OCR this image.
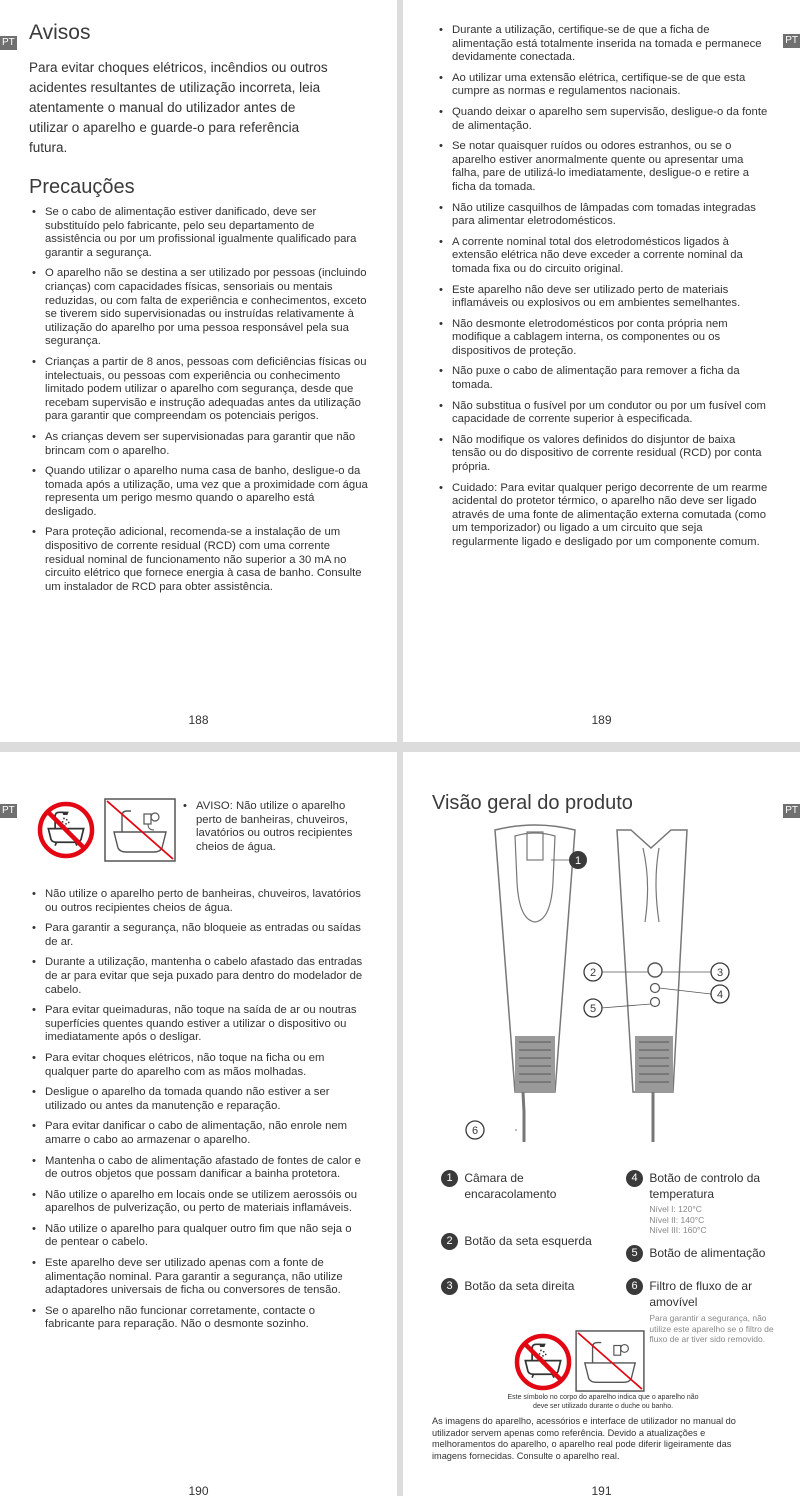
PT Avisos

Para evitar choques elétricos, incêndios ou outros acidentes resultantes de utilização incorreta, leia atentamente o manual do utilizador antes de utilizar o aparelho e guarde-o para referência futura.

Precauções
• Se o cabo de alimentação estiver danificado, deve ser substituído pelo fabricante, pelo seu departamento de assistência ou por um profissional igualmente qualificado para garantir a segurança.
• O aparelho não se destina a ser utilizado por pessoas (incluindo crianças) com capacidades físicas, sensoriais ou mentais reduzidas, ou com falta de experiência e conhecimentos, exceto se tiverem sido supervisionadas ou instruídas relativamente à utilização do aparelho por uma pessoa responsável pela sua segurança.
• Crianças a partir de 8 anos, pessoas com deficiências físicas ou intelectuais, ou pessoas com experiência ou conhecimento limitado podem utilizar o aparelho com segurança, desde que recebam supervisão e instrução adequadas antes da utilização para garantir que compreendam os potenciais perigos.
• As crianças devem ser supervisionadas para garantir que não brincam com o aparelho.
• Quando utilizar o aparelho numa casa de banho, desligue-o da tomada após a utilização, uma vez que a proximidade com água representa um perigo mesmo quando o aparelho está desligado.
• Para proteção adicional, recomenda-se a instalação de um dispositivo de corrente residual (RCD) com uma corrente residual nominal de funcionamento não superior a 30 mA no circuito elétrico que fornece energia à casa de banho. Consulte um instalador de RCD para obter assistência.
188
PT
• Durante a utilização, certifique-se de que a ficha de alimentação está totalmente inserida na tomada e permanece devidamente conectada.
• Ao utilizar uma extensão elétrica, certifique-se de que esta cumpre as normas e regulamentos nacionais.
• Quando deixar o aparelho sem supervisão, desligue-o da fonte de alimentação.
• Se notar quaisquer ruídos ou odores estranhos, ou se o aparelho estiver anormalmente quente ou apresentar uma falha, pare de utilizá-lo imediatamente, desligue-o e retire a ficha da tomada.
• Não utilize casquilhos de lâmpadas com tomadas integradas para alimentar eletrodomésticos.
• A corrente nominal total dos eletrodomésticos ligados à extensão elétrica não deve exceder a corrente nominal da tomada fixa ou do circuito original.
• Este aparelho não deve ser utilizado perto de materiais inflamáveis ou explosivos ou em ambientes semelhantes.
• Não desmonte eletrodomésticos por conta própria nem modifique a cablagem interna, os componentes ou os dispositivos de proteção.
• Não puxe o cabo de alimentação para remover a ficha da tomada.
• Não substitua o fusível por um condutor ou por um fusível com capacidade de corrente superior à especificada.
• Não modifique os valores definidos do disjuntor de baixa tensão ou do dispositivo de corrente residual (RCD) por conta própria.
• Cuidado: Para evitar qualquer perigo decorrente de um rearme acidental do protetor térmico, o aparelho não deve ser ligado através de uma fonte de alimentação externa comutada (como um temporizador) ou ligado a um circuito que seja regularmente ligado e desligado por um componente comum.
189
PT
•	AVISO: Não utilize o aparelho perto de banheiras, chuveiros, lavatórios ou outros recipientes cheios de água.
• Não utilize o aparelho perto de banheiras, chuveiros, lavatórios ou outros recipientes cheios de água.
• Para garantir a segurança, não bloqueie as entradas ou saídas de ar.
• Durante a utilização, mantenha o cabelo afastado das entradas de ar para evitar que seja puxado para dentro do modelador de cabelo.
• Para evitar queimaduras, não toque na saída de ar ou noutras superfícies quentes quando estiver a utilizar o dispositivo ou imediatamente após o desligar.
• Para evitar choques elétricos, não toque na ficha ou em qualquer parte do aparelho com as mãos molhadas.
• Desligue o aparelho da tomada quando não estiver a ser utilizado ou antes da manutenção e reparação.
• Para evitar danificar o cabo de alimentação, não enrole nem amarre o cabo ao armazenar o aparelho.
• Mantenha o cabo de alimentação afastado de fontes de calor e de outros objetos que possam danificar a bainha protetora.
• Não utilize o aparelho em locais onde se utilizem aerossóis ou aparelhos de pulverização, ou perto de materiais inflamáveis.
• Não utilize o aparelho para qualquer outro fim que não seja o de pentear o cabelo.
• Este aparelho deve ser utilizado apenas com a fonte de alimentação nominal. Para garantir a segurança, não utilize adaptadores universais de ficha ou conversores de tensão.
• Se o aparelho não funcionar corretamente, contacte o fabricante para reparação. Não o desmonte sozinho.
190
PT
Visão geral do produto
1
2	3
4
5
6
1 Câmara de encaracolamento
2 Botão da seta esquerda
3 Botão da seta direita
4 Botão de controlo da temperatura
Nível I: 120°C
Nível II: 140°C
Nível III: 160°C
5 Botão de alimentação
6 Filtro de fluxo de ar amovível
Para garantir a segurança, não utilize este aparelho se o filtro de fluxo de ar tiver sido removido.
Este símbolo no corpo do aparelho indica que o aparelho não deve ser utilizado durante o duche ou banho.
As imagens do aparelho, acessórios e interface de utilizador no manual do utilizador servem apenas como referência. Devido a atualizações e melhoramentos do aparelho, o aparelho real pode diferir ligeiramente das imagens fornecidas. Consulte o aparelho real.
191
